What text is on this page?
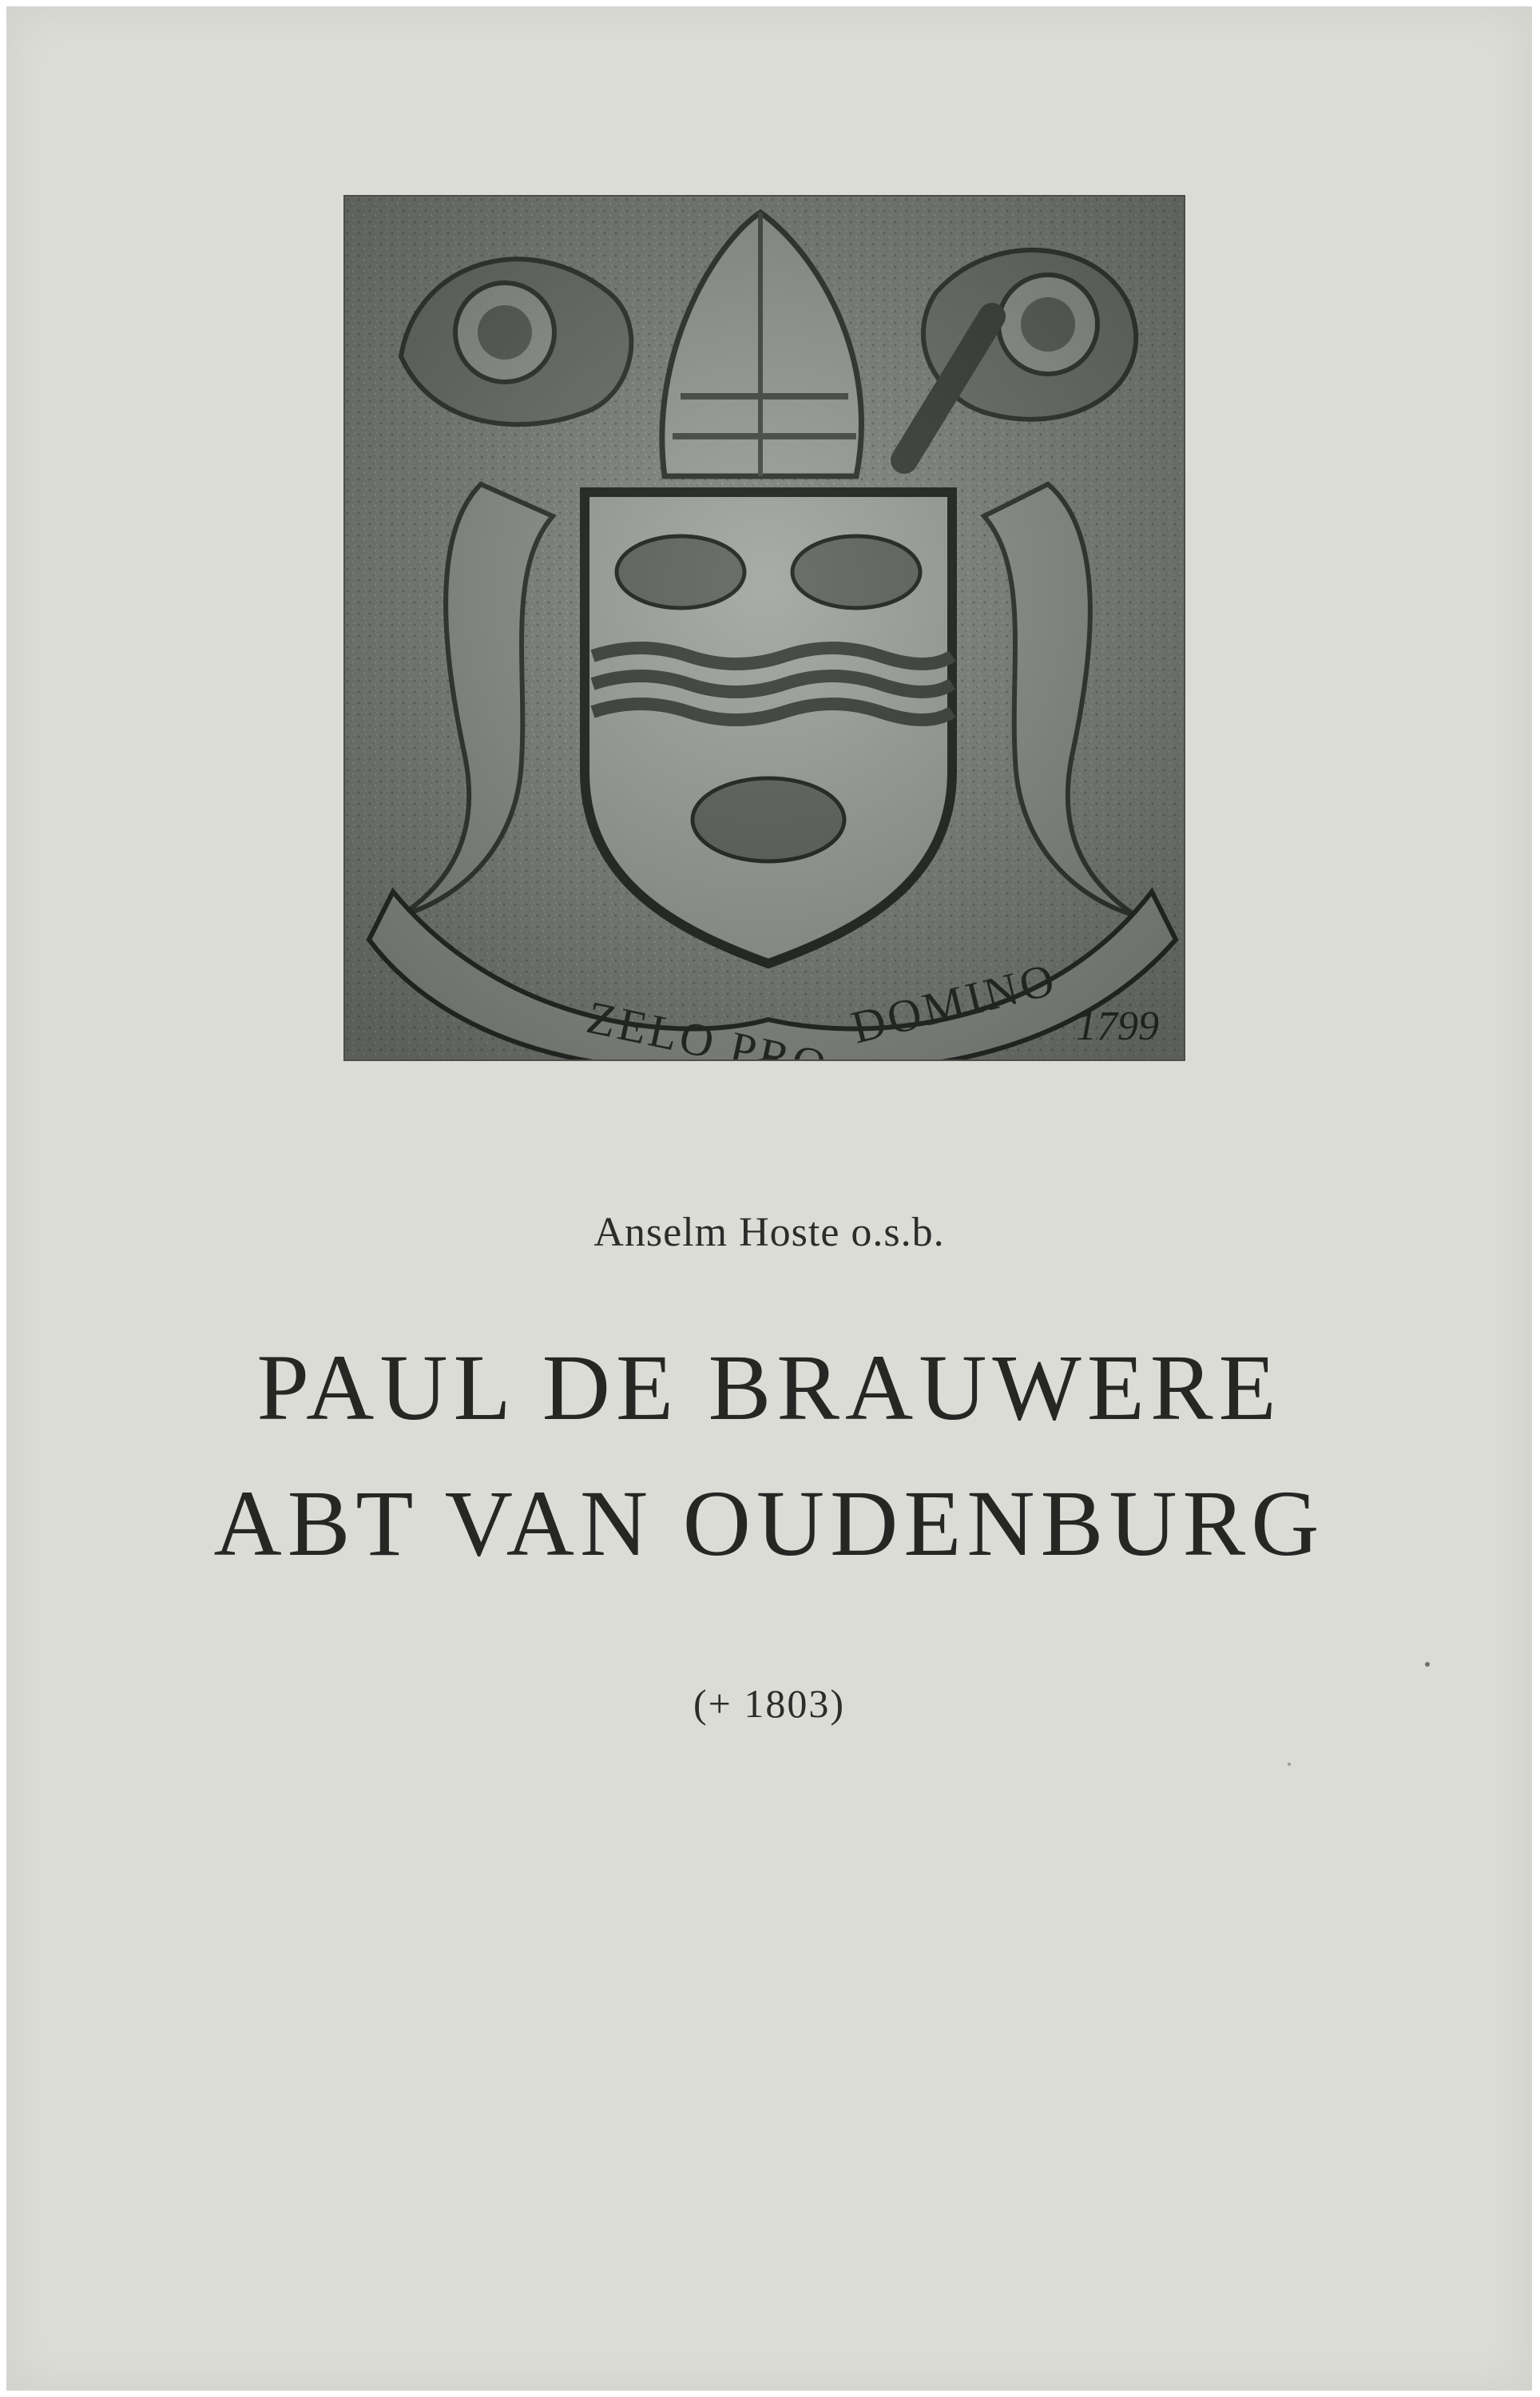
Anselm Hoste o.s.b.
PAUL DE BRAUWERE
ABT VAN OUDENBURG
(+ 1803)
